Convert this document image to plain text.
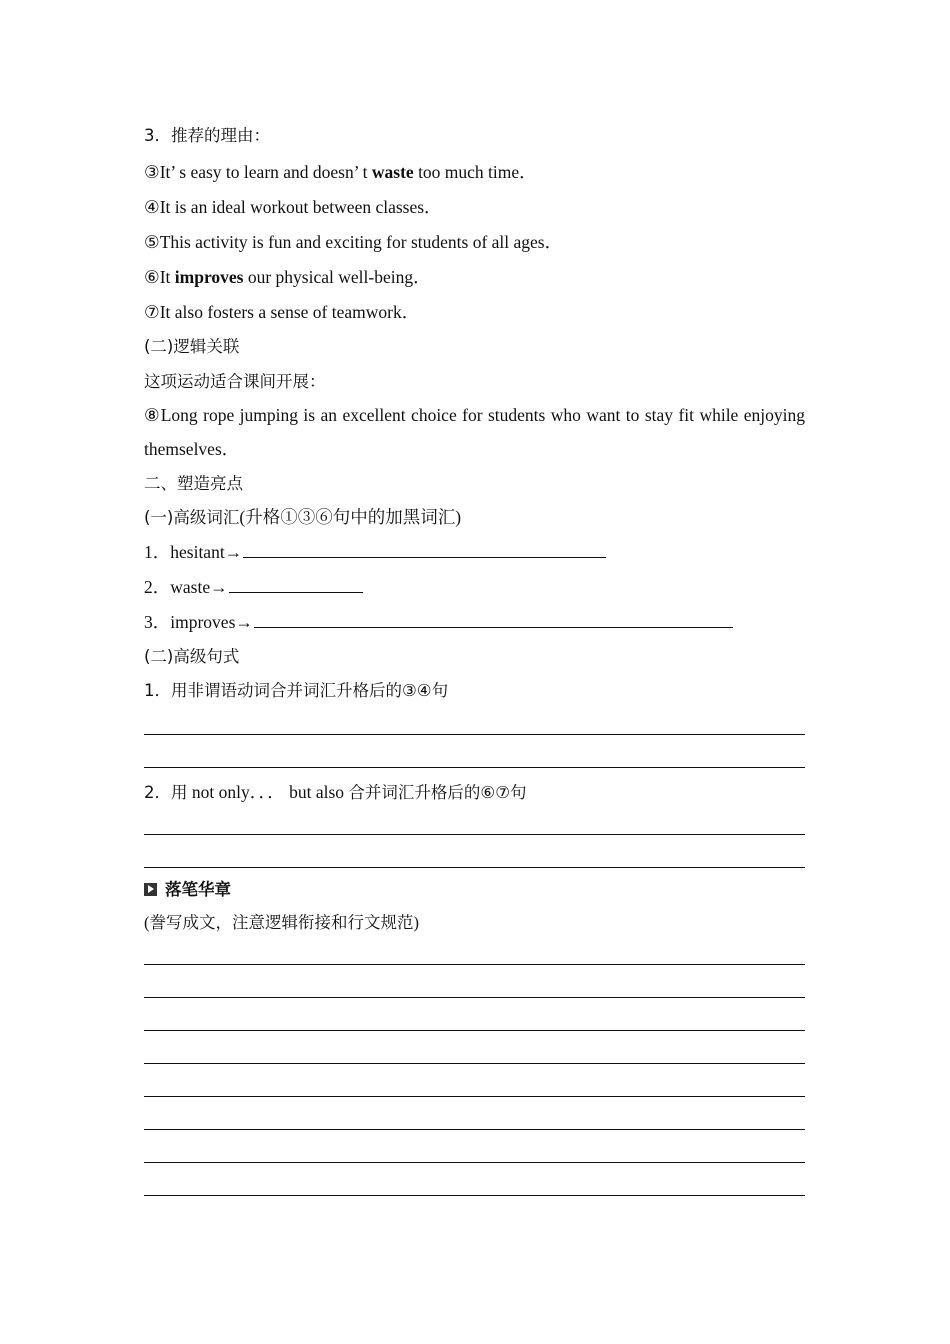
3．推荐的理由：
③It’ s easy to learn and doesn’ t waste too much time．
④It is an ideal workout between classes．
⑤This activity is fun and exciting for students of all ages．
⑥It improves our physical well-being．
⑦It also fosters a sense of teamwork．
(二)逻辑关联
这项运动适合课间开展：
⑧Long rope jumping is an excellent choice for students who want to stay fit while enjoying themselves．
二、塑造亮点
(一)高级词汇(升格①③⑥句中的加黑词汇)
1．hesitant→
2．waste→
3．improves→
(二)高级句式
1．用非谓语动词合并词汇升格后的③④句
2．用 not only．．． but also 合并词汇升格后的⑥⑦句
落笔华章
(誊写成文，注意逻辑衔接和行文规范)
